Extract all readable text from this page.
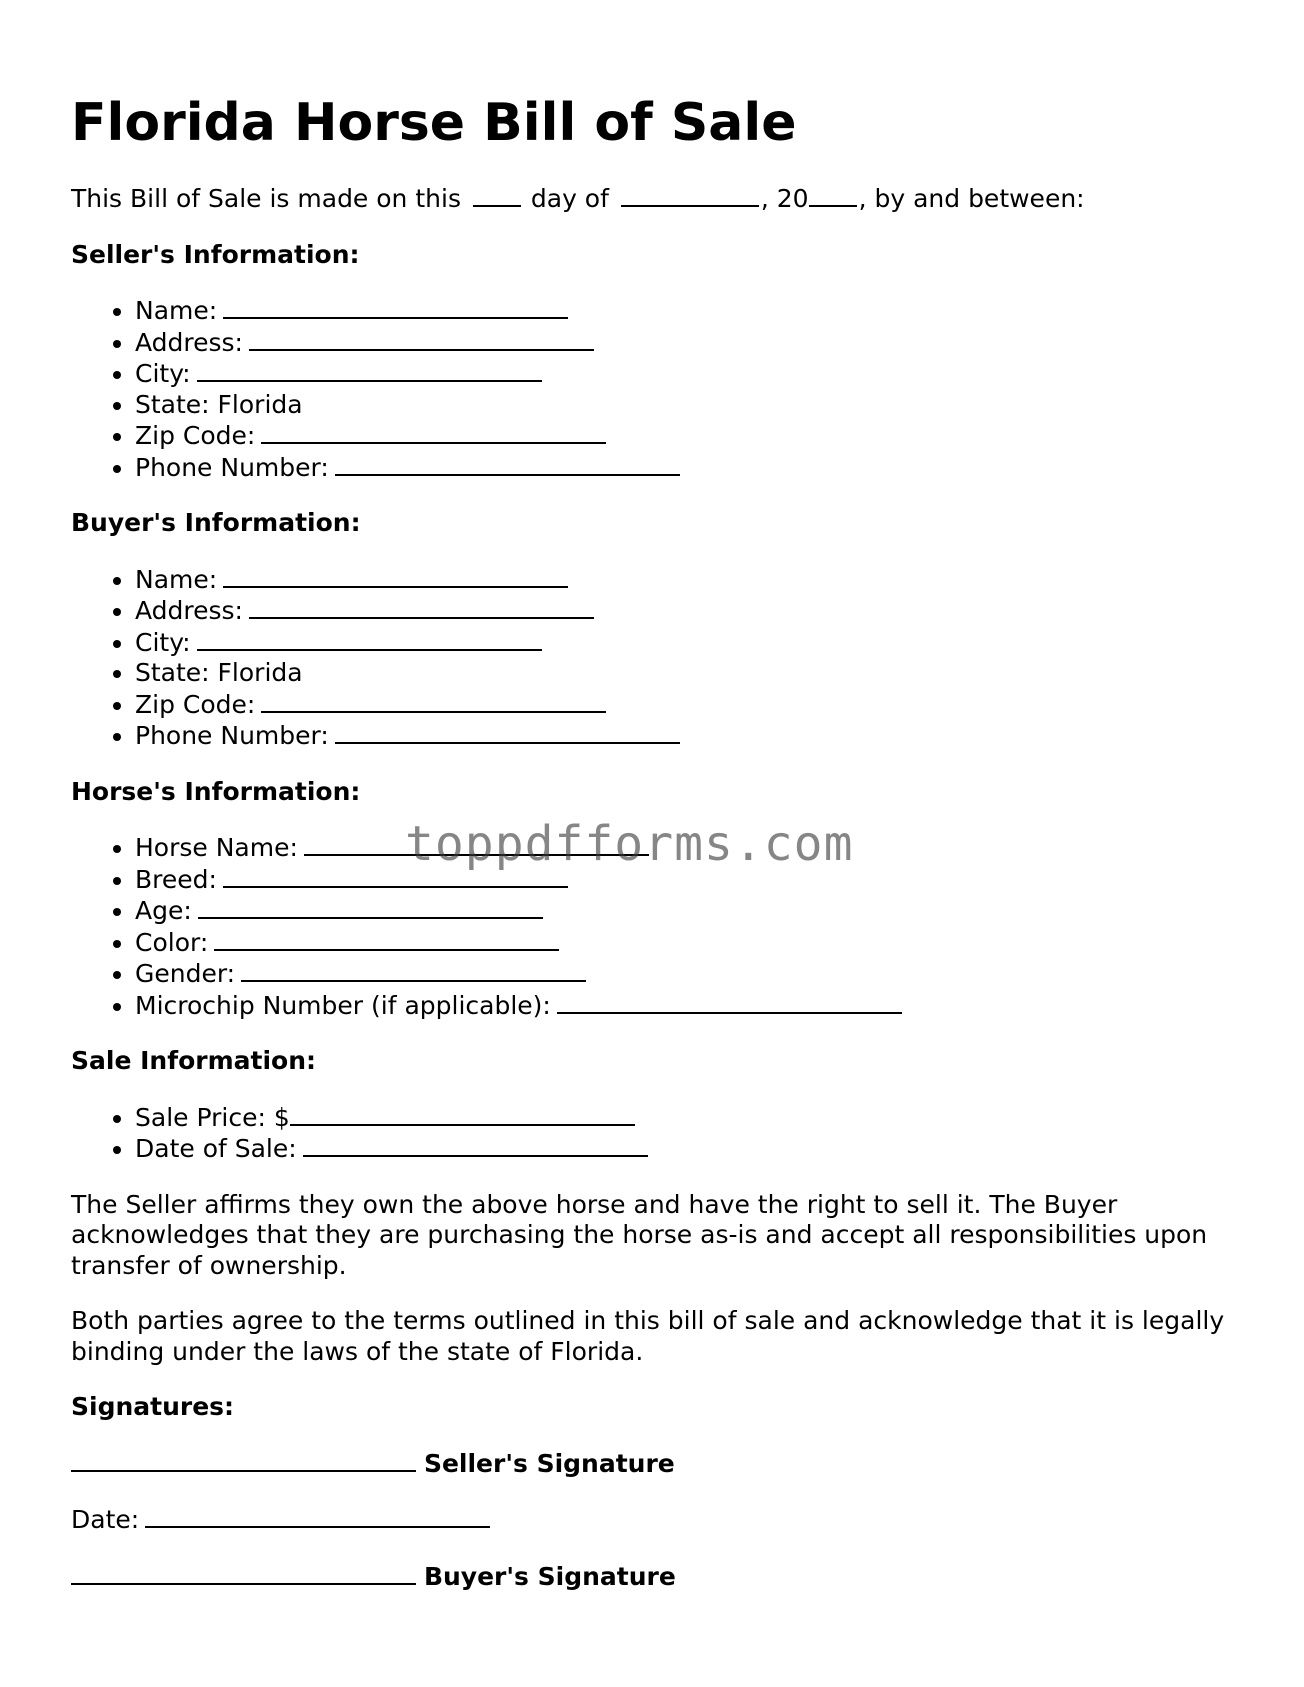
Florida Horse Bill of Sale

This Bill of Sale is made on this	day of	, 20 , by and between:

Seller's Information:
• Name:
• Address:
• City:
• State: Florida
• Zip Code:
• Phone Number:
Buyer's Information:
• Name:
• Address:
• City:
• State: Florida
• Zip Code:
• Phone Number:
Horse's Information:
• Horse Name:
• Breed:
• Age:
• Color:
• Gender:
• Microchip Number (if applicable):
Sale Information:
• Sale Price: $
• Date of Sale:

The Seller affirms they own the above horse and have the right to sell it. The Buyer acknowledges that they are purchasing the horse as-is and accept all responsibilities upon transfer of ownership.

Both parties agree to the terms outlined in this bill of sale and acknowledge that it is legally binding under the laws of the state of Florida.

Signatures:

Seller's Signature

Date:

Buyer's Signature

toppdfforms.com
